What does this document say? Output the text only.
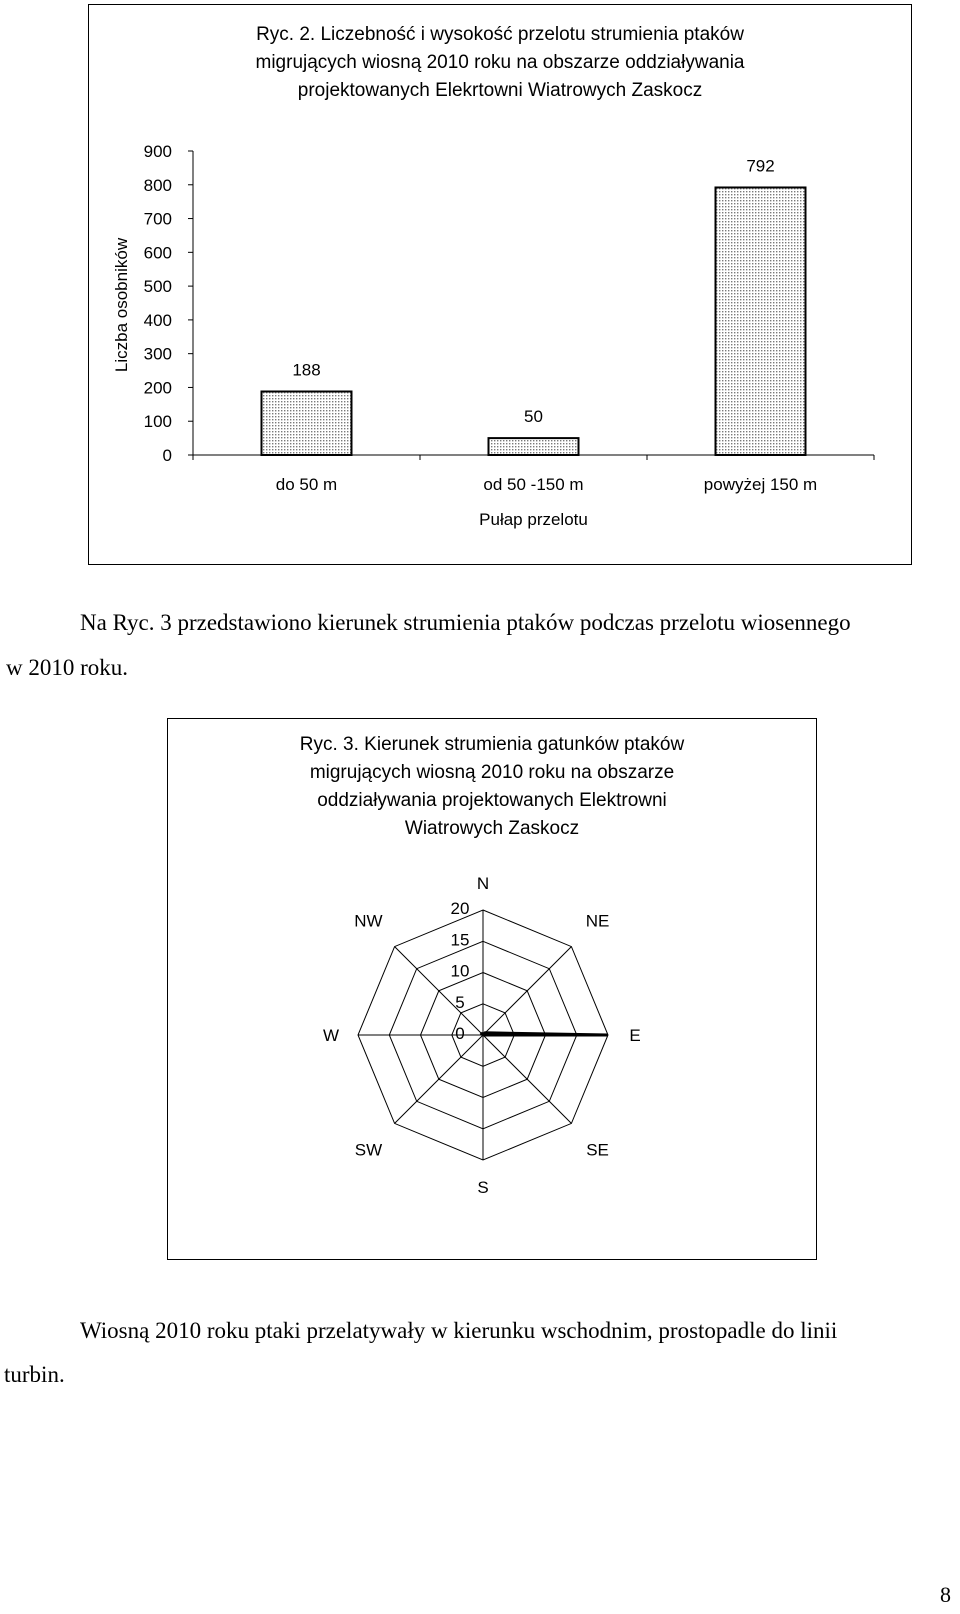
Ryc. 2. Liczebność i wysokość przelotu strumienia ptaków
migrujących wiosną 2010 roku na obszarze oddziaływania
projektowanych Elekrtowni Wiatrowych Zaskocz
0
100
200
300
400
500
600
700
800
900
Liczba osobników	188
do 50 m
50
od 50 -150 m
792
powyżej 150 m
Pułap przelotu
Na Ryc. 3 przedstawiono kierunek strumienia ptaków podczas przelotu wiosennego
w 2010 roku.
Ryc. 3. Kierunek strumienia gatunków ptaków
migrujących wiosną 2010 roku na obszarze
oddziaływania projektowanych Elektrowni
Wiatrowych Zaskocz
0
5
10
15
20
N
NE
E
SE
S
SW
W
NW
Wiosną 2010 roku ptaki przelatywały w kierunku wschodnim, prostopadle do linii
turbin.
8
